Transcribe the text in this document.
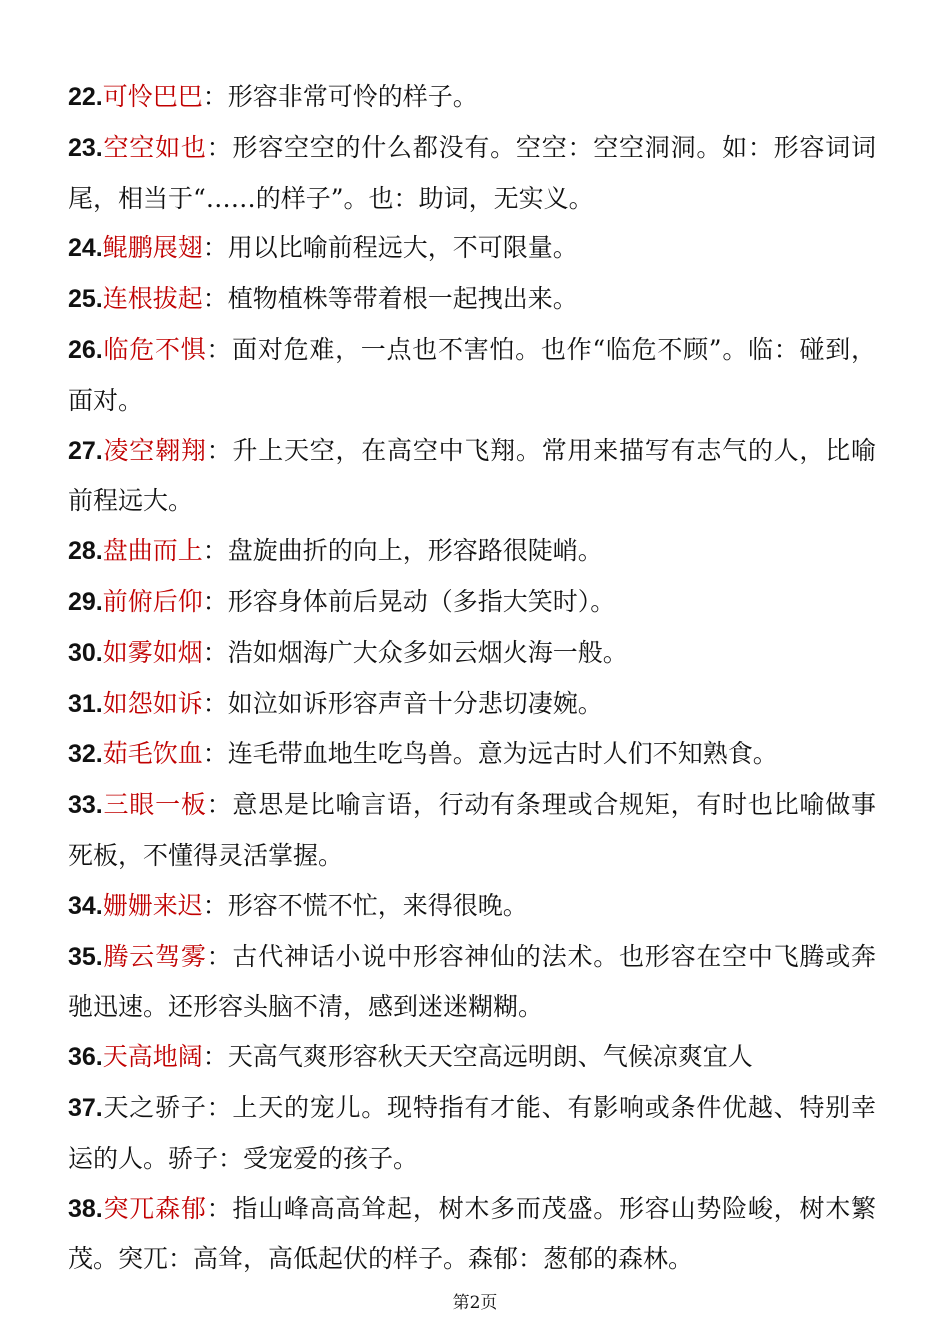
22.可怜巴巴：形容非常可怜的样子。
23.空空如也：形容空空的什么都没有。空空：空空洞洞。如：形容词词尾，相当于“……的样子”。也：助词，无实义。
24.鲲鹏展翅：用以比喻前程远大，不可限量。
25.连根拔起：植物植株等带着根一起拽出来。
26.临危不惧：面对危难，一点也不害怕。也作“临危不顾”。临：碰到，面对。
27.凌空翱翔：升上天空，在高空中飞翔。常用来描写有志气的人，比喻前程远大。
28.盘曲而上：盘旋曲折的向上，形容路很陡峭。
29.前俯后仰：形容身体前后晃动（多指大笑时）。
30.如雾如烟：浩如烟海广大众多如云烟火海一般。
31.如怨如诉：如泣如诉形容声音十分悲切凄婉。
32.茹毛饮血：连毛带血地生吃鸟兽。意为远古时人们不知熟食。
33.三眼一板：意思是比喻言语，行动有条理或合规矩，有时也比喻做事死板，不懂得灵活掌握。
34.姗姗来迟：形容不慌不忙，来得很晚。
35.腾云驾雾：古代神话小说中形容神仙的法术。也形容在空中飞腾或奔驰迅速。还形容头脑不清，感到迷迷糊糊。
36.天高地阔：天高气爽形容秋天天空高远明朗、气候凉爽宜人
37.天之骄子：上天的宠儿。现特指有才能、有影响或条件优越、特别幸运的人。骄子：受宠爱的孩子。
38.突兀森郁：指山峰高高耸起，树木多而茂盛。形容山势险峻，树木繁茂。突兀：高耸，高低起伏的样子。森郁：葱郁的森林。
第2页
